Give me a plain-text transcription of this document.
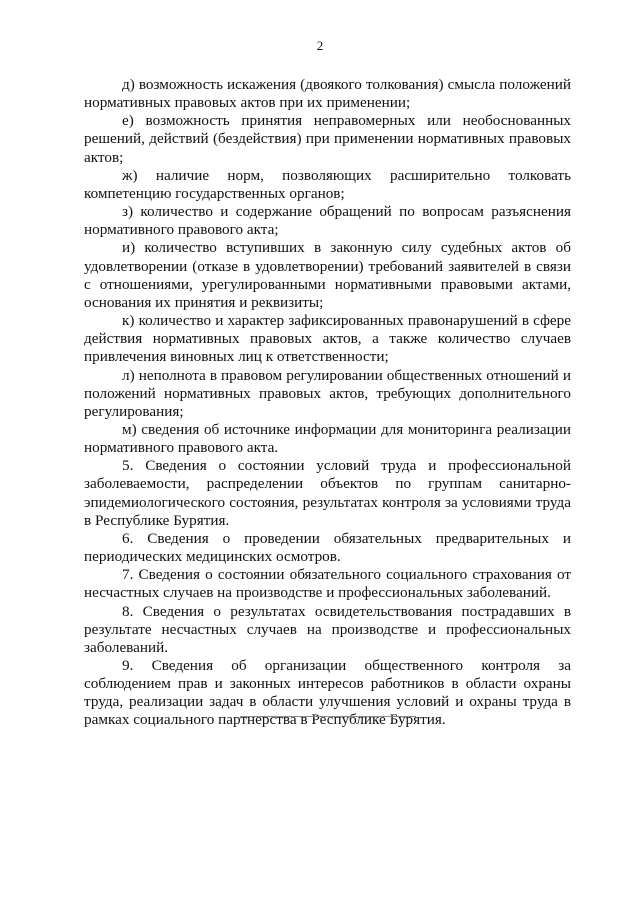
2

д) возможность искажения (двоякого толкования) смысла положений нормативных правовых актов при их применении;

е) возможность принятия неправомерных или необоснованных решений, действий (бездействия) при применении нормативных правовых актов;

ж) наличие норм, позволяющих расширительно толковать компетенцию государственных органов;

з) количество и содержание обращений по вопросам разъяснения нормативного правового акта;

и) количество вступивших в законную силу судебных актов об удовлетворении (отказе в удовлетворении) требований заявителей в связи с отношениями, урегулированными нормативными правовыми актами, основания их принятия и реквизиты;

к) количество и характер зафиксированных правонарушений в сфере действия нормативных правовых актов, а также количество случаев привлечения виновных лиц к ответственности;

л) неполнота в правовом регулировании общественных отношений и положений нормативных правовых актов, требующих дополнительного регулирования;

м) сведения об источнике информации для мониторинга реализации нормативного правового акта.

5. Сведения о состоянии условий труда и профессиональной заболеваемости, распределении объектов по группам санитарно-эпидемиологического состояния, результатах контроля за условиями труда в Республике Бурятия.

6. Сведения о проведении обязательных предварительных и периодических медицинских осмотров.

7. Сведения о состоянии обязательного социального страхования от несчастных случаев на производстве и профессиональных заболеваний.

8. Сведения о результатах освидетельствования пострадавших в результате несчастных случаев на производстве и профессиональных заболеваний.

9. Сведения об организации общественного контроля за соблюдением прав и законных интересов работников в области охраны труда, реализации задач в области улучшения условий и охраны труда в рамках социального партнерства в Республике Бурятия.
